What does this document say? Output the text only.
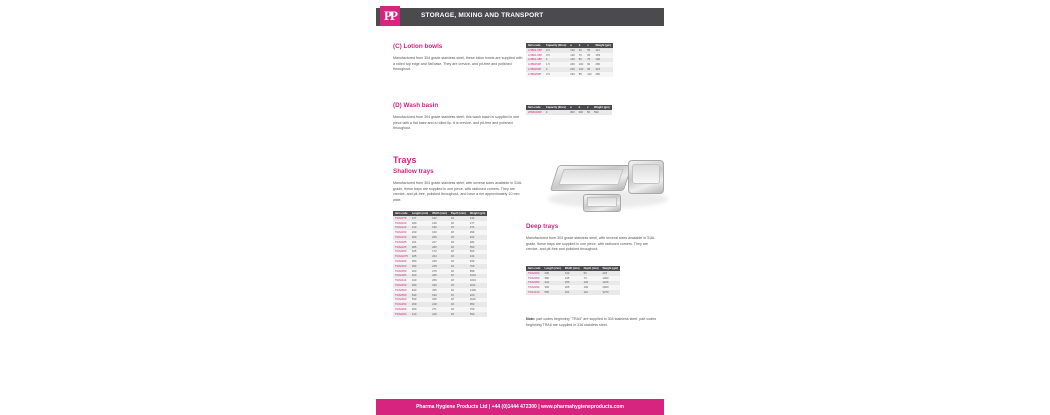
PP	STORAGE, MIXING AND TRANSPORT
(C) Lotion bowls
Manufactured from 304 grade stainless steel, these lotion bowls are supplied with a rolled top edge and flat base. They are crevice- and pit-free and polished throughout.
Item code	Capacity (litres)	a	b	c	Weight (gm)
LOB01-03P	0.3	120	90	55	114
LOB01-06P	0.5	140	70	65	153
LOB01-08P	1	130	80	75	190
LOB0150P	1.5	200	100	90	280
LOB0200P	2	200	100	95	323
LOB0250P	2.5	240	85	110	450
(D) Wash basin
Manufactured from 304 grade stainless steel, this wash basin is supplied in one piece with a flat base and a rolled lip. It is crevice- and pit-free and polished throughout.
Item code	Capacity (litres)	a	b	c	Weight (gm)
WSB0400P	3	300	300	50	590
Trays
Shallow trays
Manufactured from 304 grade stainless steel, with several sizes available in 316L grade, these trays are supplied in one piece, with radiused corners. They are crevice- and pit-free, polished throughout, and have a rim approximately 10 mm wide.
Item code	Length (mm)	Width (mm)	Depth (mm)	Weight (gm)
TRA0075	137	162	18	133
TRA0100	180	129	18	177
TRA0122	213	190	15	274
TRA0150	230	160	18	299
TRA0160	260	209	18	404
TRA0185	324	217	18	484
TRA0225	305	260	18	550
TRA0250	325	172	18	500
TRA02275	325	224	18	434
TRA0300	360	249	18	639
TRA0320	393	218	18	709
TRA0350	460	279	18	898
TRA0380	400	325	18	1010
TRA0414	440	259	18	1034
TRA0450	480	326	18	1101
TRA0500	490	325	18	1300
TRA0550	540	190	15	220
TRA0600	530	325	18	1100
TRA0250	260	218	18	353
TRA0300	360	271	18	709
TRA0450	413	249	18	590
Deep trays
Manufactured from 304 grade stainless steel, with several sizes available in 316L grade, these trays are supplied in one piece, with radiused corners. They are crevice- and pit-free and polished throughout.
Item code	Length (mm)	Width (mm)	Depth (mm)	Weight (gm)
TRA0300	230	133	50	218
TRA0350	380	245	73	1000
TRA0380	444	250	120	1100
TRA0390	330	325	100	2000
TRA4120	550	321	110	3270
Note: part codes beginning "TRA4" are supplied in 304 stainless steel, part codes beginning TRA6 are supplied in 316 stainless steel.
Pharma Hygiene Products Ltd | +44 (0)1444 472300 | www.pharmahygieneproducts.com
